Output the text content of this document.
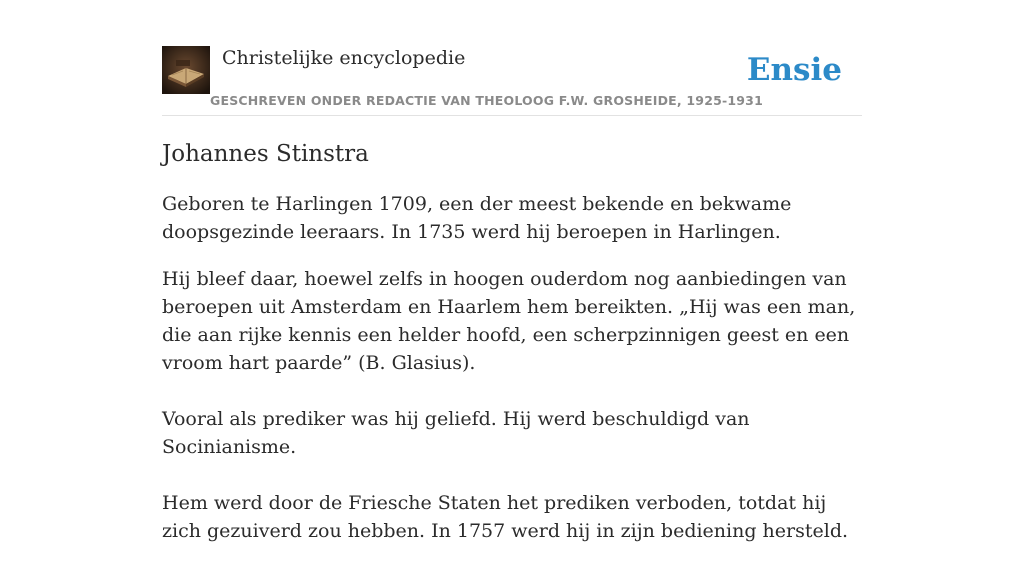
Christelijke encyclopedie
GESCHREVEN ONDER REDACTIE VAN THEOLOOG F.W. GROSHEIDE, 1925-1931
Ensie
Johannes Stinstra

Geboren te Harlingen 1709, een der meest bekende en bekwame doopsgezinde leeraars. In 1735 werd hij beroepen in Harlingen.

Hij bleef daar, hoewel zelfs in hoogen ouderdom nog aanbiedingen van beroepen uit Amsterdam en Haarlem hem bereikten. „Hij was een man, die aan rijke kennis een helder hoofd, een scherpzinnigen geest en een vroom hart paarde” (B. Glasius).

Vooral als prediker was hij geliefd. Hij werd beschuldigd van Socinianisme.

Hem werd door de Friesche Staten het prediken verboden, totdat hij zich gezuiverd zou hebben. In 1757 werd hij in zijn bediening hersteld.
